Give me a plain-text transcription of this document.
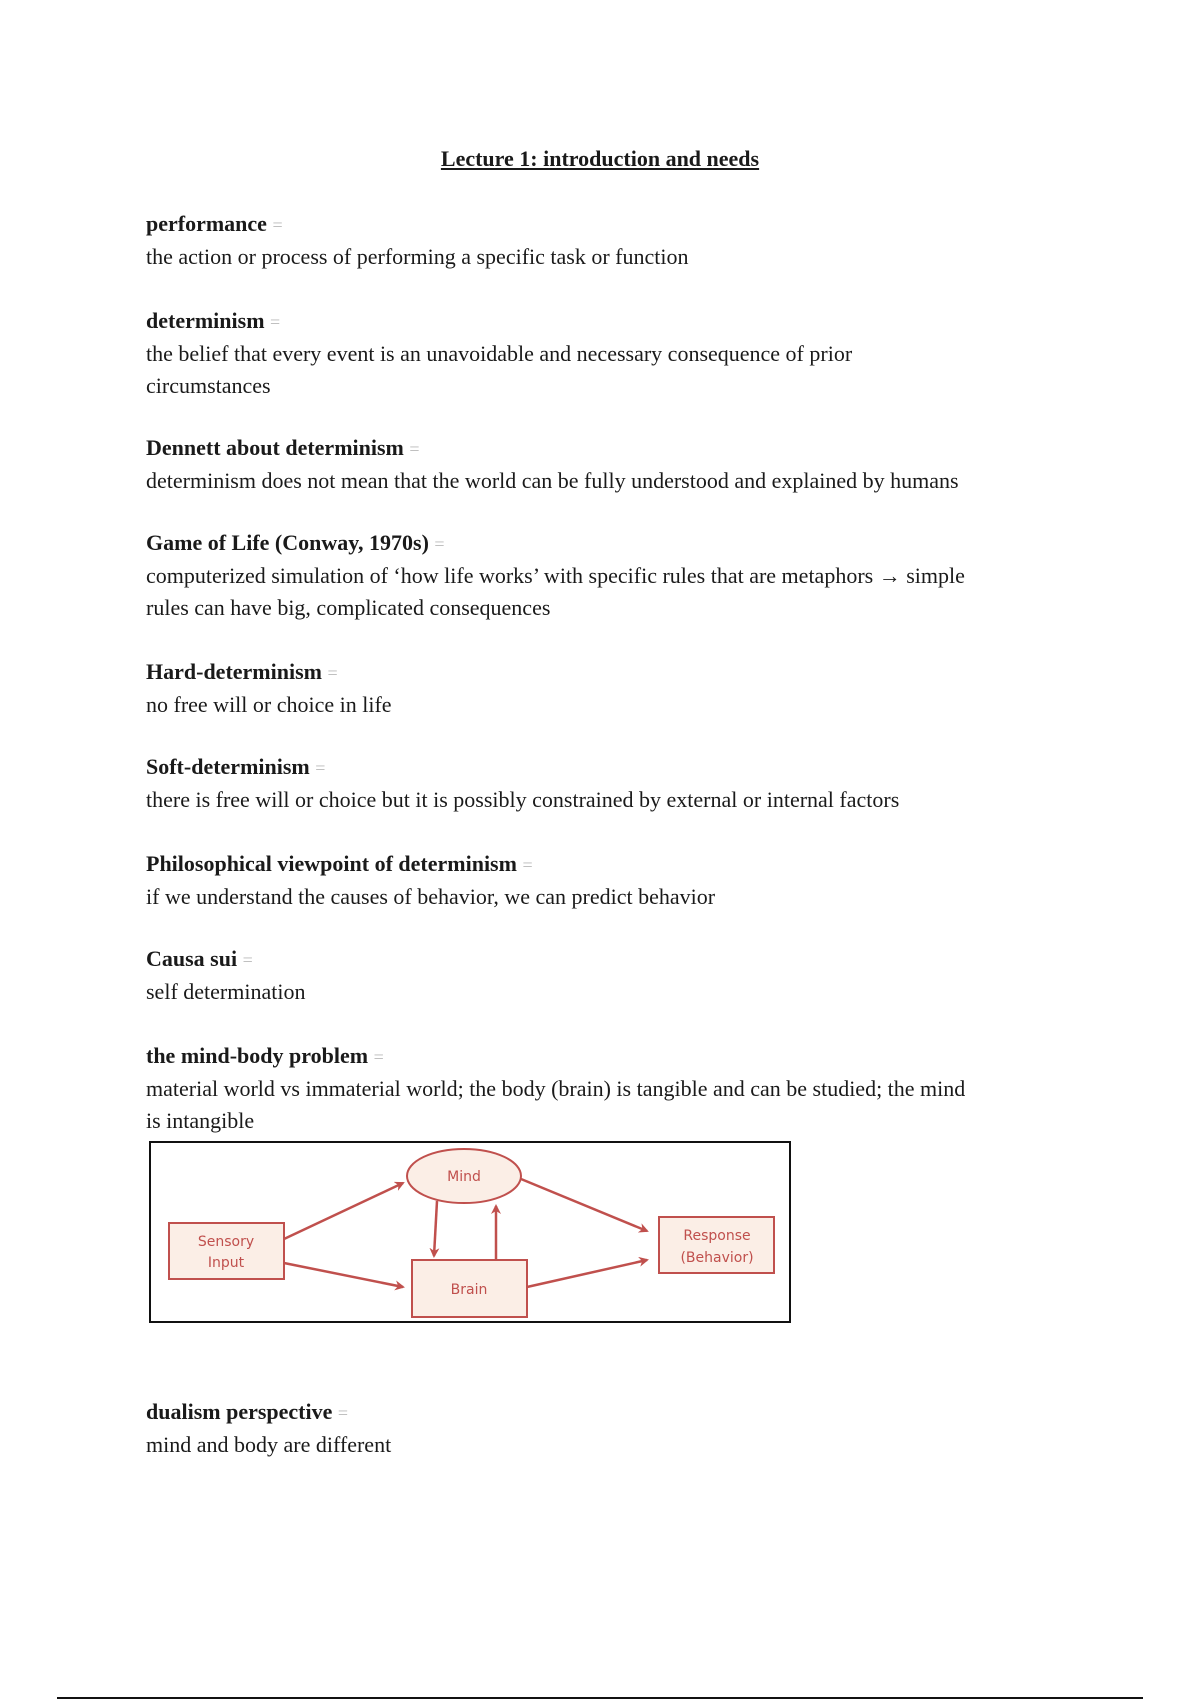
Lecture 1: introduction and needs
performance =
the action or process of performing a specific task or function
determinism =
the belief that every event is an unavoidable and necessary consequence of prior
circumstances
Dennett about determinism =
determinism does not mean that the world can be fully understood and explained by humans
Game of Life (Conway, 1970s) =
computerized simulation of ‘how life works’ with specific rules that are metaphors → simple
rules can have big, complicated consequences
Hard-determinism =
no free will or choice in life
Soft-determinism =
there is free will or choice but it is possibly constrained by external or internal factors
Philosophical viewpoint of determinism =
if we understand the causes of behavior, we can predict behavior
Causa sui =
self determination
the mind-body problem =
material world vs immaterial world; the body (brain) is tangible and can be studied; the mind
is intangible
Mind
Sensory
Input
Brain
Response
(Behavior)
dualism perspective =
mind and body are different
